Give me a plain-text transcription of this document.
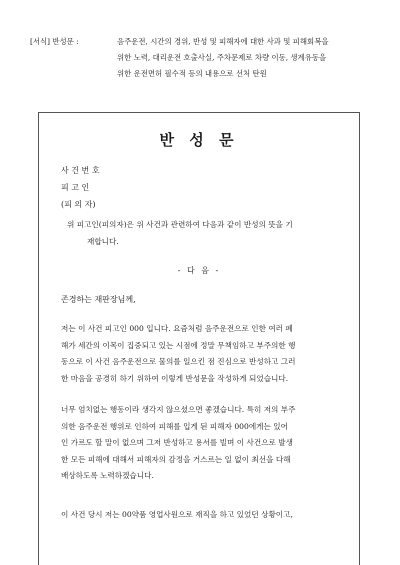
[서식] 반성문 :	음주운전, 시간의 경위, 반성 및 피해자에 대한 사과 및 피해회복을
위한 노력, 대리운전 호출사실, 주차문제로 차량 이동, 생계유동을
위한 운전면허 필수적 등의 내용으로 선처 탄원
반 성 문
사 건 번 호
피 고 인
(피 의 자)
위 피고인(피의자)은 위 사건과 관련하여 다음과 같이 반성의 뜻을 기
재합니다.
- 다 음 -
존경하는 재판장님께,
저는 이 사건 피고인 000 입니다. 요즘처럼 음주운전으로 인한 여러 폐
해가 세간의 이목이 집중되고 있는 시점에 정말 무책임하고 부주의한 행
동으로 이 사건 음주운전으로 물의를 일으킨 점 진심으로 반성하고 그러
한 마음을 공경히 하기 위하여 이렇게 반성문을 작성하게 되었습니다.
너무 엄치없는 행동이라 생각지 않으셨으면 좋겠습니다. 특히 저의 부주
의한 음주운전 행위로 인하여 피해를 입게 된 피해자 000에게는 있어
인 가르도 할 말이 없으며 그저 반성하고 용서를 빌며 이 사건으로 발생
한 모든 피해에 대해서 피해자의 감정을 거스르는 일 없이 최선을 다해
배상하도록 노력하겠습니다.
이 사건 당시 저는 00약품 영업사원으로 재직을 하고 있었던 상황이고,
